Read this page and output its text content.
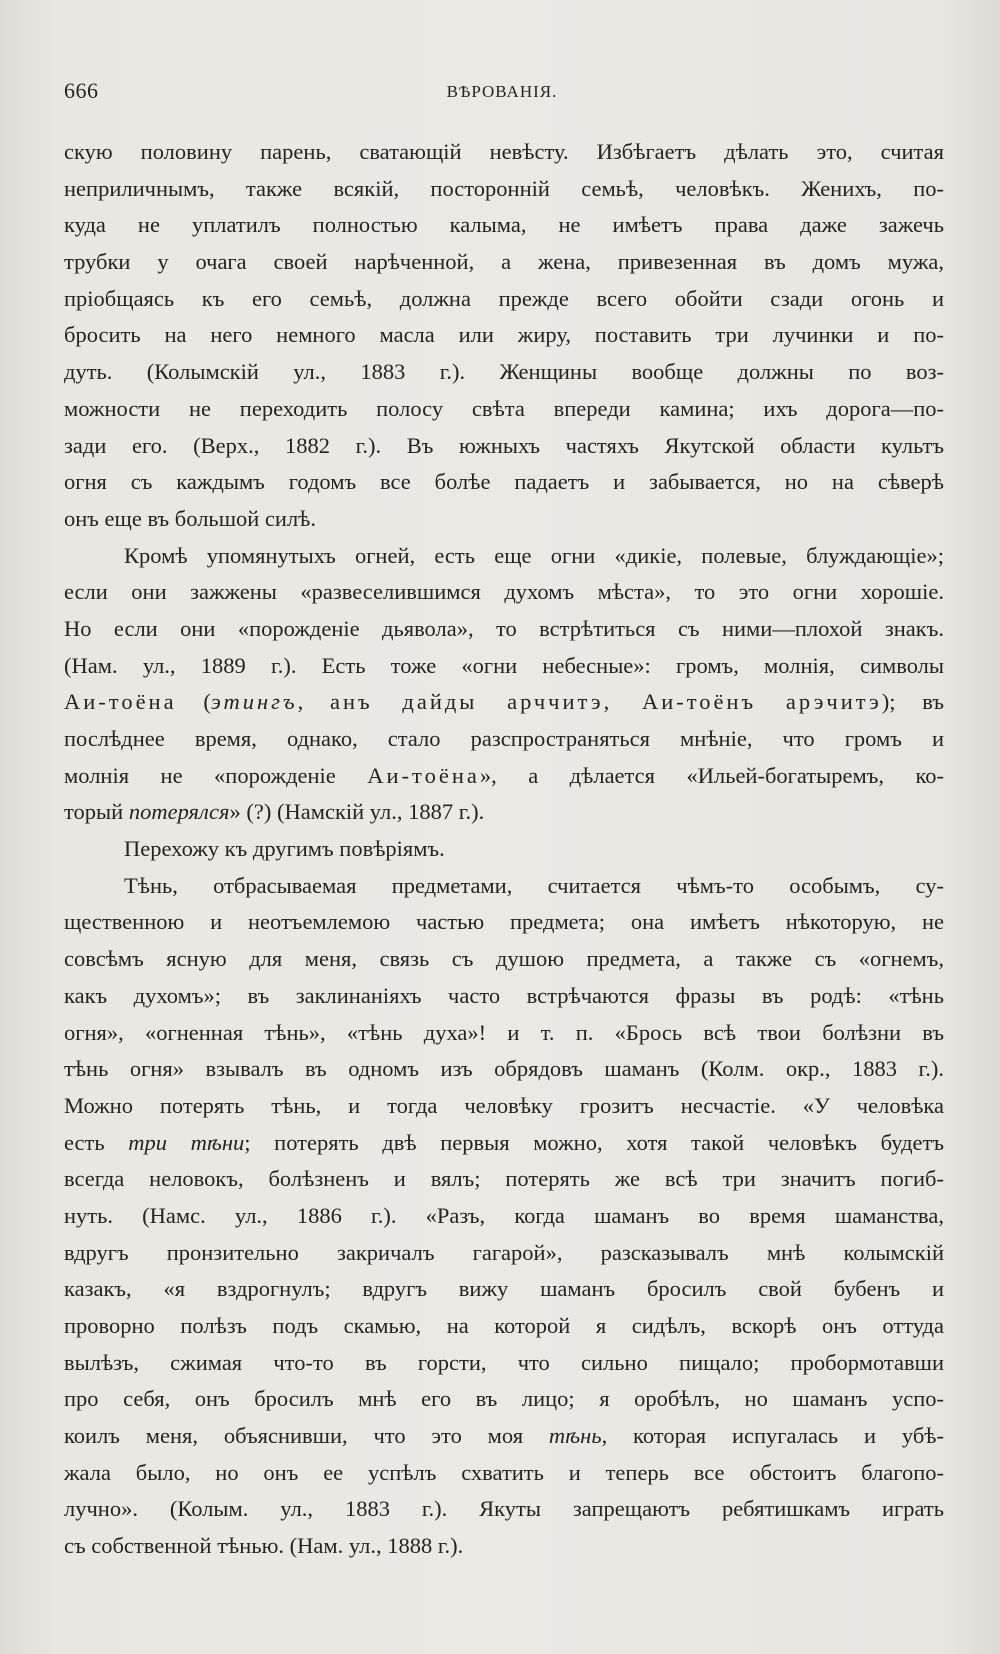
666	ВѢРОВАНІЯ.
скую половину парень, сватающій невѣсту. Избѣгаетъ дѣлать это, считая
неприличнымъ, также всякій, посторонній семьѣ, человѣкъ. Женихъ, по-
куда не уплатилъ полностью калыма, не имѣетъ права даже зажечь
трубки у очага своей нарѣченной, а жена, привезенная въ домъ мужа,
пріобщаясь къ его семьѣ, должна прежде всего обойти сзади огонь и
бросить на него немного масла или жиру, поставить три лучинки и по-
дуть. (Колымскій ул., 1883 г.). Женщины вообще должны по воз-
можности не переходить полосу свѣта впереди камина; ихъ дорога—по-
зади его. (Верх., 1882 г.). Въ южныхъ частяхъ Якутской области культъ
огня съ каждымъ годомъ все болѣе падаетъ и забывается, но на сѣверѣ
онъ еще въ большой силѣ.
Кромѣ упомянутыхъ огней, есть еще огни «дикіе, полевые, блуждающіе»;
если они зажжены «развеселившимся духомъ мѣста», то это огни хорошіе.
Но если они «порожденіе дьявола», то встрѣтиться съ ними—плохой знакъ.
(Нам. ул., 1889 г.). Есть тоже «огни небесные»: громъ, молнія, символы
Аи-тоёна (этингъ, анъ дайды арччитэ, Аи-тоёнъ арэчитэ); въ
послѣднее время, однако, стало разспространяться мнѣніе, что громъ и
молнія не «порожденіе Аи-тоёна», а дѣлается «Ильей-богатыремъ, ко-
торый потерялся» (?) (Намскій ул., 1887 г.).
Перехожу къ другимъ повѣріямъ.
Тѣнь, отбрасываемая предметами, считается чѣмъ-то особымъ, су-
щественною и неотъемлемою частью предмета; она имѣетъ нѣкоторую, не
совсѣмъ ясную для меня, связь съ душою предмета, а также съ «огнемъ,
какъ духомъ»; въ заклинаніяхъ часто встрѣчаются фразы въ родѣ: «тѣнь
огня», «огненная тѣнь», «тѣнь духа»! и т. п. «Брось всѣ твои болѣзни въ
тѣнь огня» взывалъ въ одномъ изъ обрядовъ шаманъ (Колм. окр., 1883 г.).
Можно потерять тѣнь, и тогда человѣку грозитъ несчастіе. «У человѣка
есть три тѣни; потерять двѣ первыя можно, хотя такой человѣкъ будетъ
всегда неловокъ, болѣзненъ и вялъ; потерять же всѣ три значитъ погиб-
нуть. (Намс. ул., 1886 г.). «Разъ, когда шаманъ во время шаманства,
вдругъ пронзительно закричалъ гагарой», разсказывалъ мнѣ колымскій
казакъ, «я вздрогнулъ; вдругъ вижу шаманъ бросилъ свой бубенъ и
проворно полѣзъ подъ скамью, на которой я сидѣлъ, вскорѣ онъ оттуда
вылѣзъ, сжимая что-то въ горсти, что сильно пищало; пробормотавши
про себя, онъ бросилъ мнѣ его въ лицо; я оробѣлъ, но шаманъ успо-
коилъ меня, объяснивши, что это моя тѣнь, которая испугалась и убѣ-
жала было, но онъ ее успѣлъ схватить и теперь все обстоитъ благопо-
лучно». (Колым. ул., 1883 г.). Якуты запрещаютъ ребятишкамъ играть
съ собственной тѣнью. (Нам. ул., 1888 г.).
